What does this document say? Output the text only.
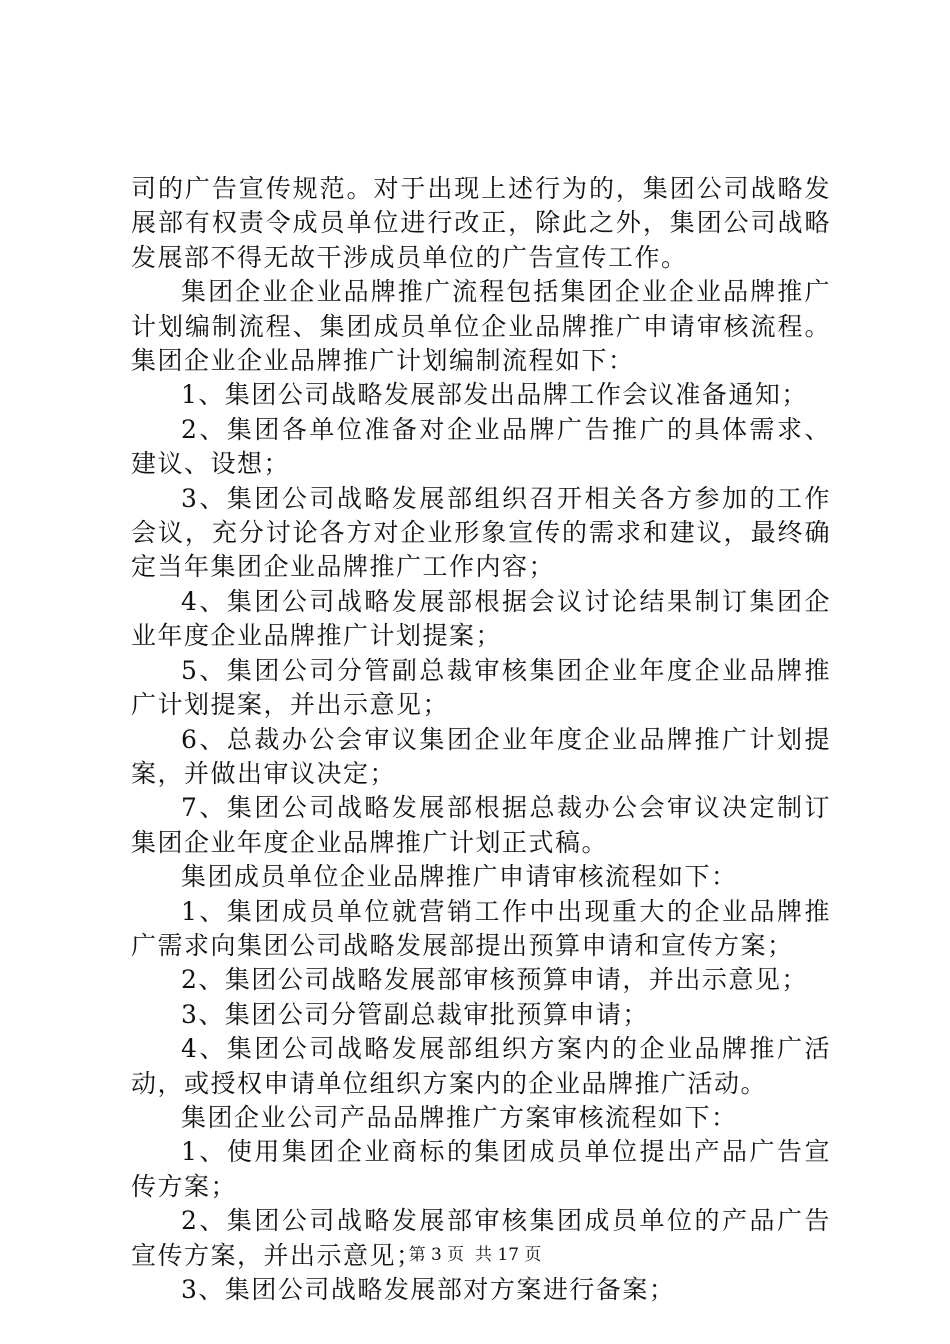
司的广告宣传规范。对于出现上述行为的，集团公司战略发展部有权责令成员单位进行改正，除此之外，集团公司战略发展部不得无故干涉成员单位的广告宣传工作。

集团企业企业品牌推广流程包括集团企业企业品牌推广计划编制流程、集团成员单位企业品牌推广申请审核流程。集团企业企业品牌推广计划编制流程如下：

1、集团公司战略发展部发出品牌工作会议准备通知；

2、集团各单位准备对企业品牌广告推广的具体需求、建议、设想；

3、集团公司战略发展部组织召开相关各方参加的工作会议，充分讨论各方对企业形象宣传的需求和建议，最终确定当年集团企业品牌推广工作内容；

4、集团公司战略发展部根据会议讨论结果制订集团企业年度企业品牌推广计划提案；

5、集团公司分管副总裁审核集团企业年度企业品牌推广计划提案，并出示意见；

6、总裁办公会审议集团企业年度企业品牌推广计划提案，并做出审议决定；

7、集团公司战略发展部根据总裁办公会审议决定制订集团企业年度企业品牌推广计划正式稿。

集团成员单位企业品牌推广申请审核流程如下：

1、集团成员单位就营销工作中出现重大的企业品牌推广需求向集团公司战略发展部提出预算申请和宣传方案；

2、集团公司战略发展部审核预算申请，并出示意见；

3、集团公司分管副总裁审批预算申请；

4、集团公司战略发展部组织方案内的企业品牌推广活动，或授权申请单位组织方案内的企业品牌推广活动。

集团企业公司产品品牌推广方案审核流程如下：

1、使用集团企业商标的集团成员单位提出产品广告宣传方案；

2、集团公司战略发展部审核集团成员单位的产品广告宣传方案，并出示意见；

3、集团公司战略发展部对方案进行备案；

第 3 页  共 17 页
